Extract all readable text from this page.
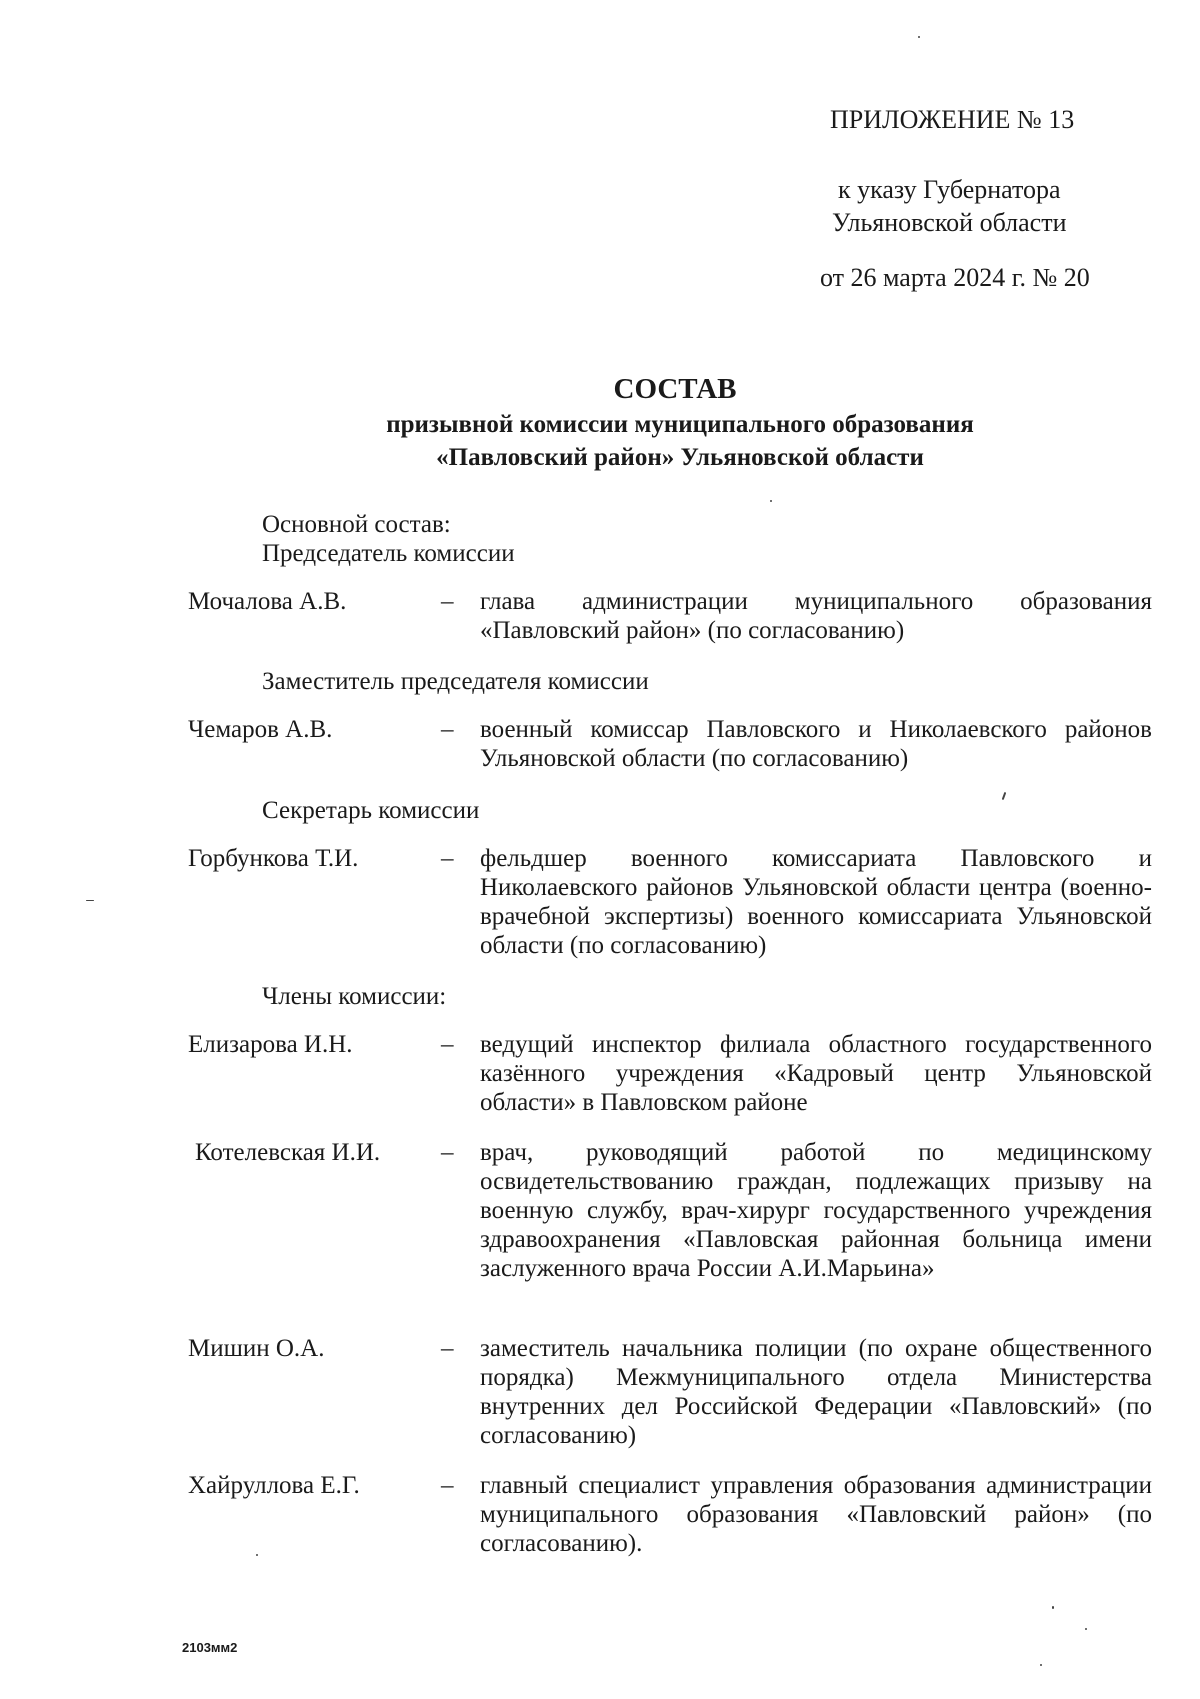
ПРИЛОЖЕНИЕ № 13
к указу Губернатора
Ульяновской области
от 26 марта 2024 г. № 20
СОСТАВ
призывной комиссии муниципального образования
«Павловский район» Ульяновской области
Основной состав:
Председатель комиссии
Мочалова А.В.	– глава администрации муниципального образования «Павловский район» (по согласованию)
Заместитель председателя комиссии
Чемаров А.В.	– военный комиссар Павловского и Николаевского районов Ульяновской области (по согласованию)
Секретарь комиссии
Горбункова Т.И.	– фельдшер военного комиссариата Павловского и Николаевского районов Ульяновской области центра (военно-врачебной экспертизы) военного комиссариата Ульяновской области (по согласованию)
Члены комиссии:
Елизарова И.Н.	– ведущий инспектор филиала областного государственного казённого учреждения «Кадровый центр Ульяновской области» в Павловском районе
Котелевская И.И. – врач, руководящий работой по медицинскому освидетельствованию граждан, подлежащих призыву на военную службу, врач-хирург государственного учреждения здравоохранения «Павловская районная больница имени заслуженного врача России А.И.Марьина»
Мишин О.А.	– заместитель начальника полиции (по охране общественного порядка) Межмуниципального отдела Министерства внутренних дел Российской Федерации «Павловский» (по согласованию)
Хайруллова Е.Г.	– главный специалист управления образования администрации муниципального образования «Павловский район» (по согласованию).
2103мм2
